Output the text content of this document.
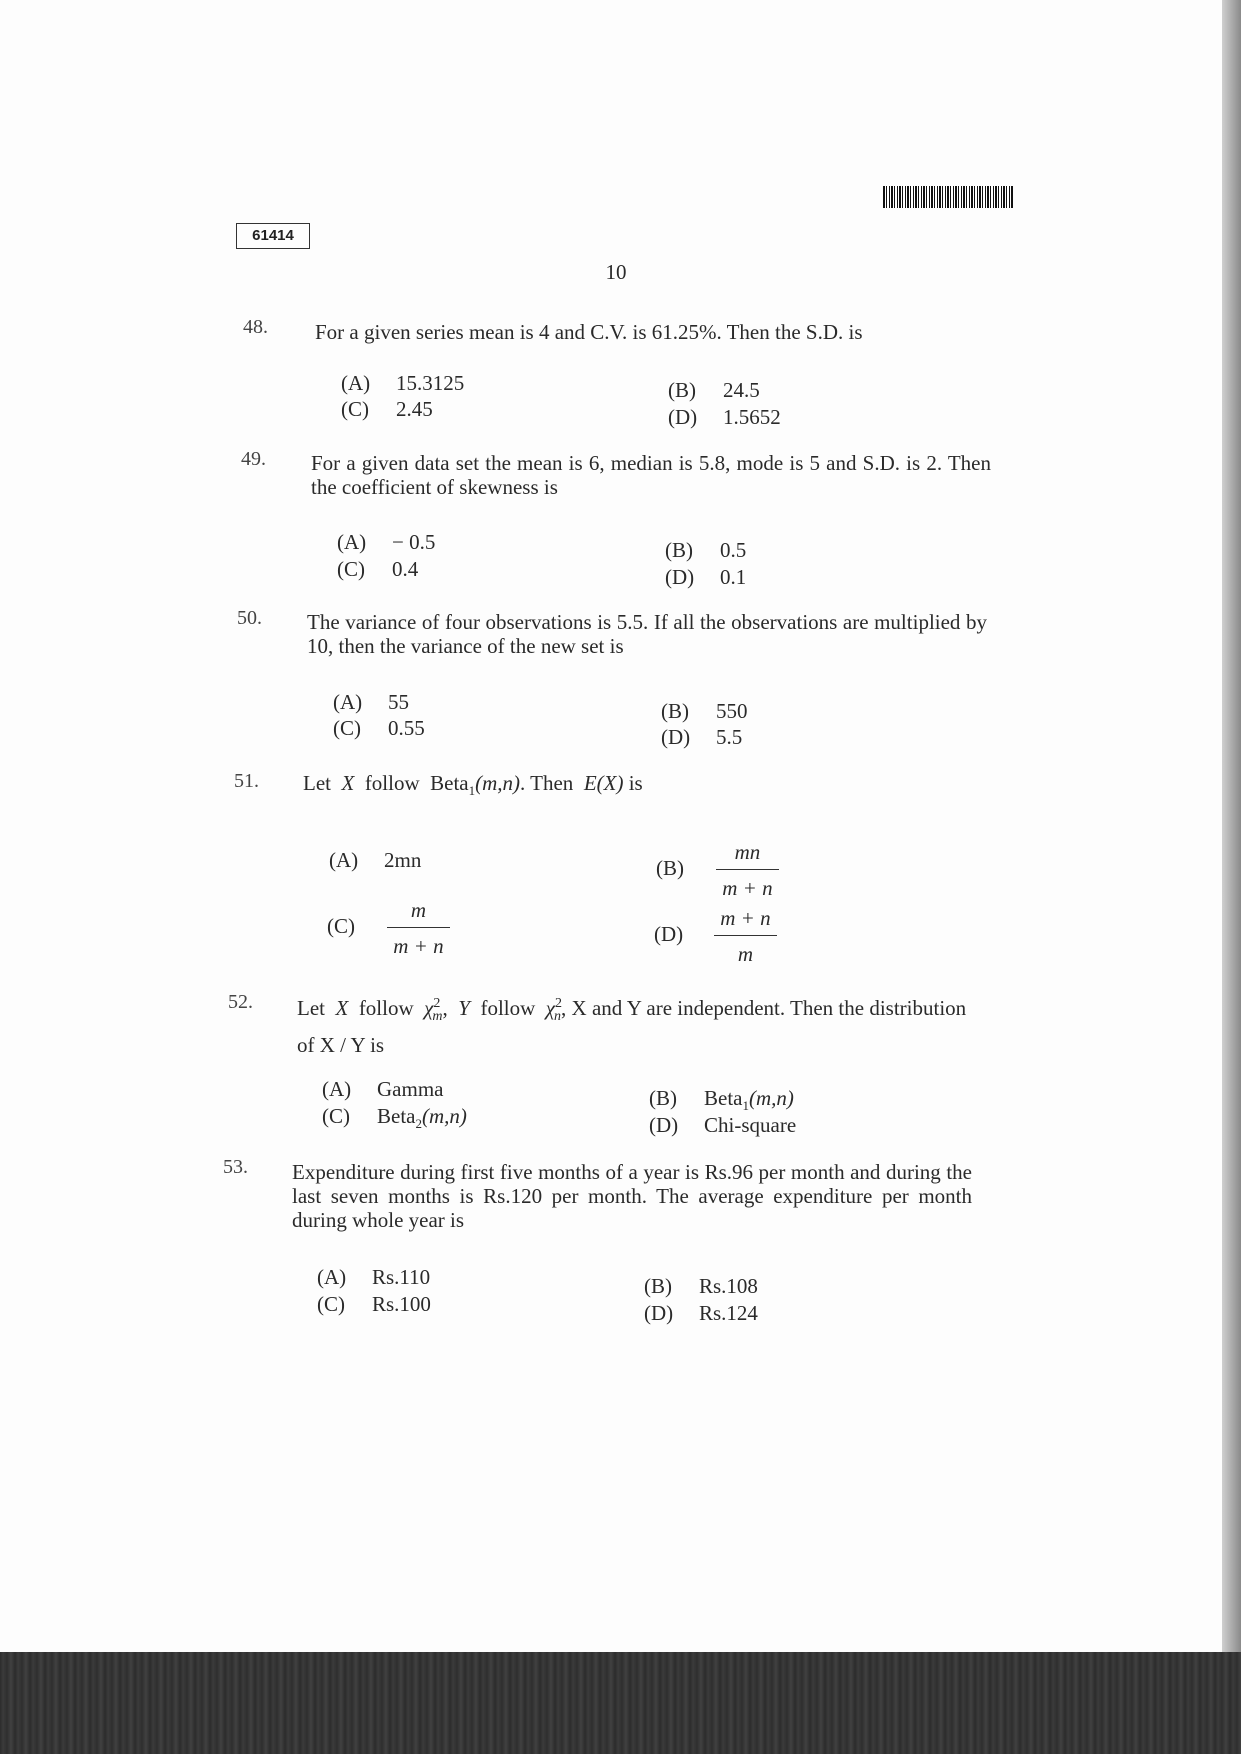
61414
10
48.	For a given series mean is 4 and C.V. is 61.25%. Then the S.D. is
(A) 15.3125	(B) 24.5
(C) 2.45	(D) 1.5652
49.	For a given data set the mean is 6, median is 5.8, mode is 5 and S.D. is 2. Then the coefficient of skewness is
(A) − 0.5	(B) 0.5
(C) 0.4	(D) 0.1
50.	The variance of four observations is 5.5. If all the observations are multiplied by 10, then the variance of the new set is
(A) 55	(B) 550
(C) 0.55	(D) 5.5
51.	Let X follow Beta$_1$(m,n). Then E(X) is
(A) 2mn	$(B) \frac{mn}{m + n}$
$(C) \frac{m}{m + n}$	$(D) \frac{m + n}{m}$
52.	Let X follow $\chi^2_m$,  Y follow $\chi^2_n$, X and Y are independent. Then the distribution of X / Y is
(A) Gamma	(B) Beta$_1$(m,n)
(C) Beta$_2$(m,n)	(D) Chi-square
53.	Expenditure during first five months of a year is Rs.96 per month and during the last seven months is Rs.120 per month. The average expenditure per month during whole year is
(A) Rs.110	(B) Rs.108
(C) Rs.100	(D) Rs.124
